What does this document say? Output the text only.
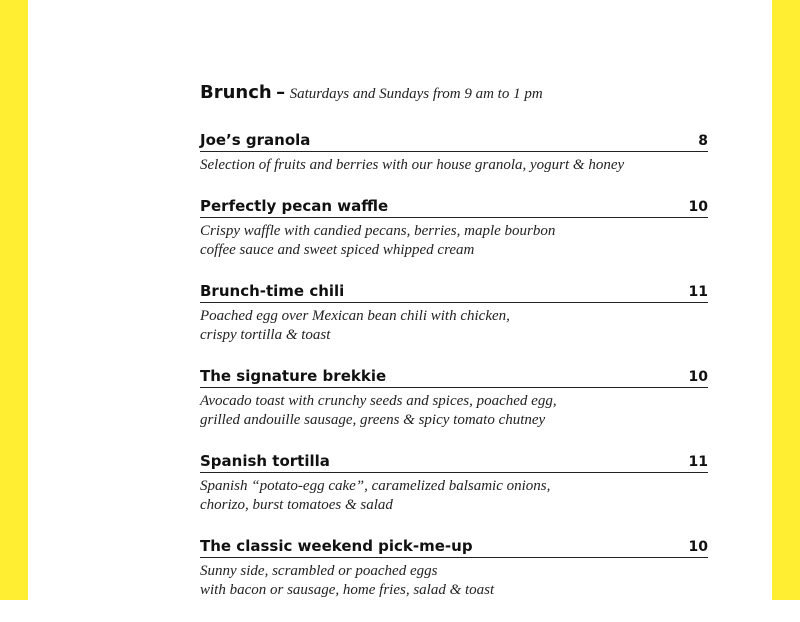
Brunch – Saturdays and Sundays from 9 am to 1 pm
Joe’s granola	8
Selection of fruits and berries with our house granola, yogurt & honey
Perfectly pecan waffle	10
Crispy waffle with candied pecans, berries, maple bourbon
coffee sauce and sweet spiced whipped cream
Brunch-time chili	11
Poached egg over Mexican bean chili with chicken,
crispy tortilla & toast
The signature brekkie	10
Avocado toast with crunchy seeds and spices, poached egg,
grilled andouille sausage, greens & spicy tomato chutney
Spanish tortilla	11
Spanish “potato-egg cake”, caramelized balsamic onions,
chorizo, burst tomatoes & salad
The classic weekend pick-me-up	10
Sunny side, scrambled or poached eggs
with bacon or sausage, home fries, salad & toast
